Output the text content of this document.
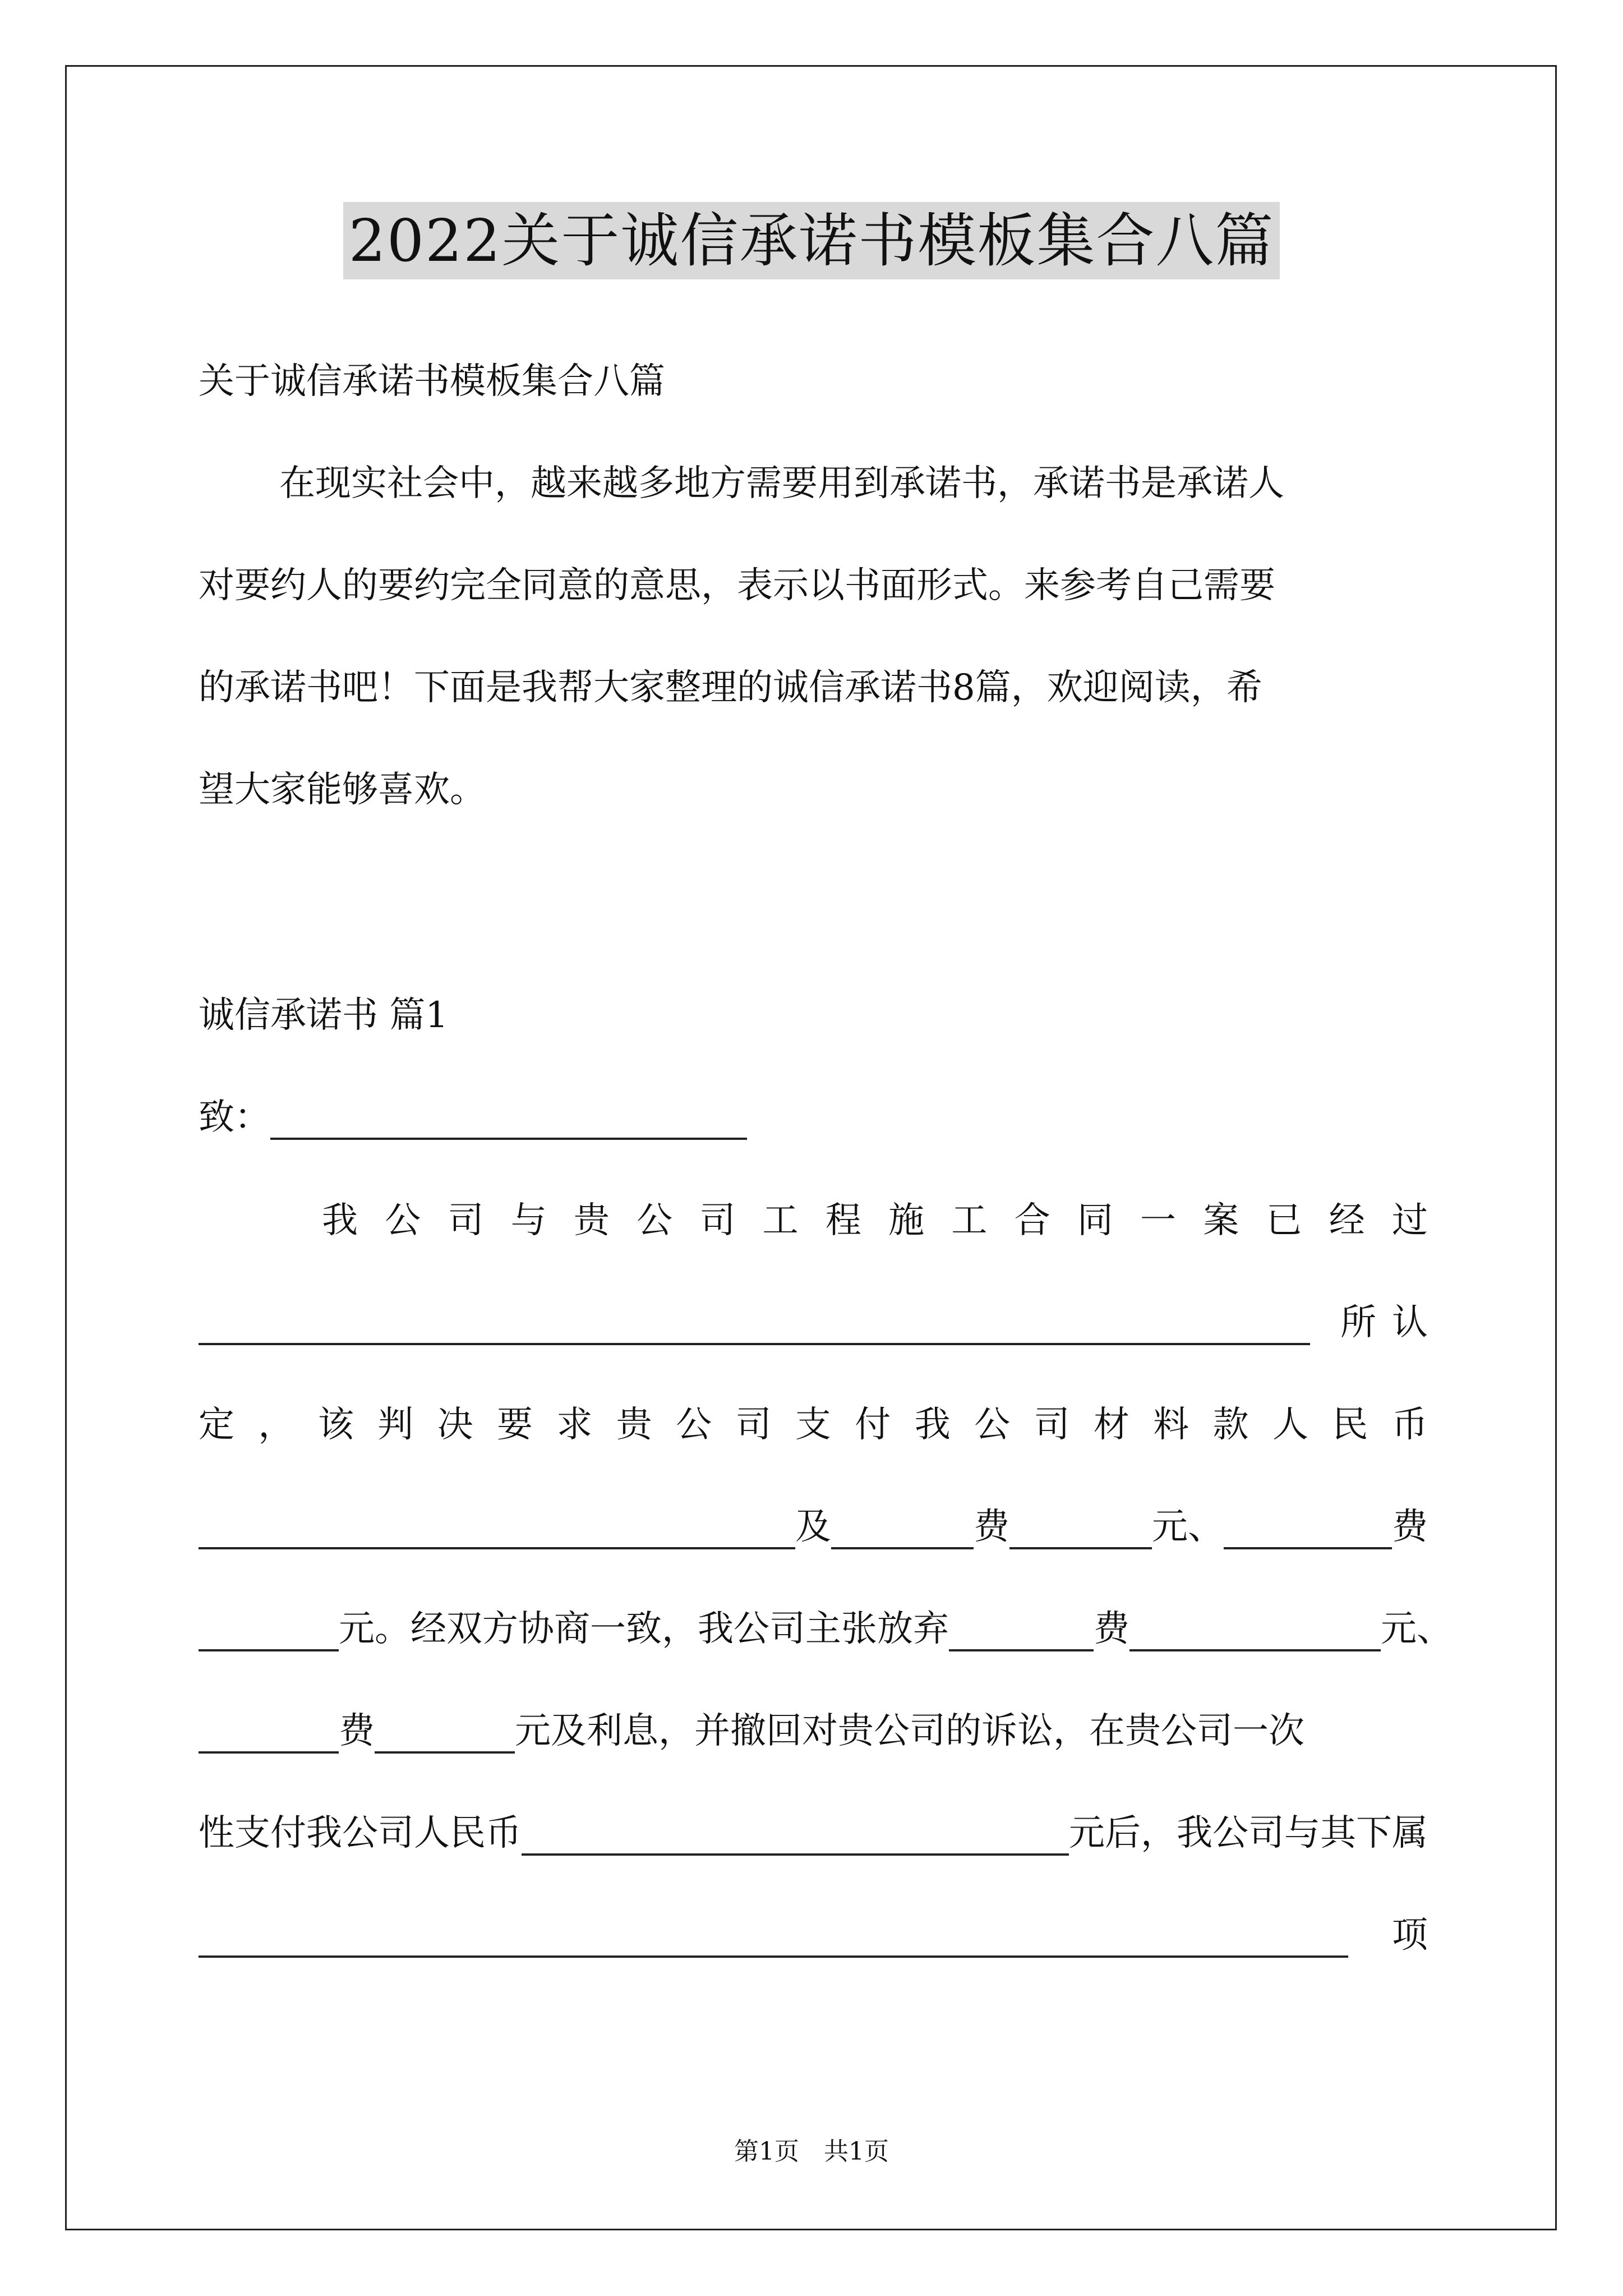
2022关于诚信承诺书模板集合八篇
关于诚信承诺书模板集合八篇
在现实社会中，越来越多地方需要用到承诺书，承诺书是承诺人
对要约人的要约完全同意的意思，表示以书面形式。来参考自己需要
的承诺书吧！下面是我帮大家整理的诚信承诺书8篇，欢迎阅读，希
望大家能够喜欢。
诚信承诺书 篇1
致：
我 公 司 与 贵 公 司 工 程 施 工 合 同 一 案 已 经 过
所 认
定 ， 该 判 决 要 求 贵 公 司 支 付 我 公 司 材 料 款 人 民 币
及	费	元、	费
元。经双方协商一致，我公司主张放弃	费	元、
费	元及利息，并撤回对贵公司的诉讼，在贵公司一次
性支付我公司人民币	元后，我公司与其下属
项
第1页　共1页
